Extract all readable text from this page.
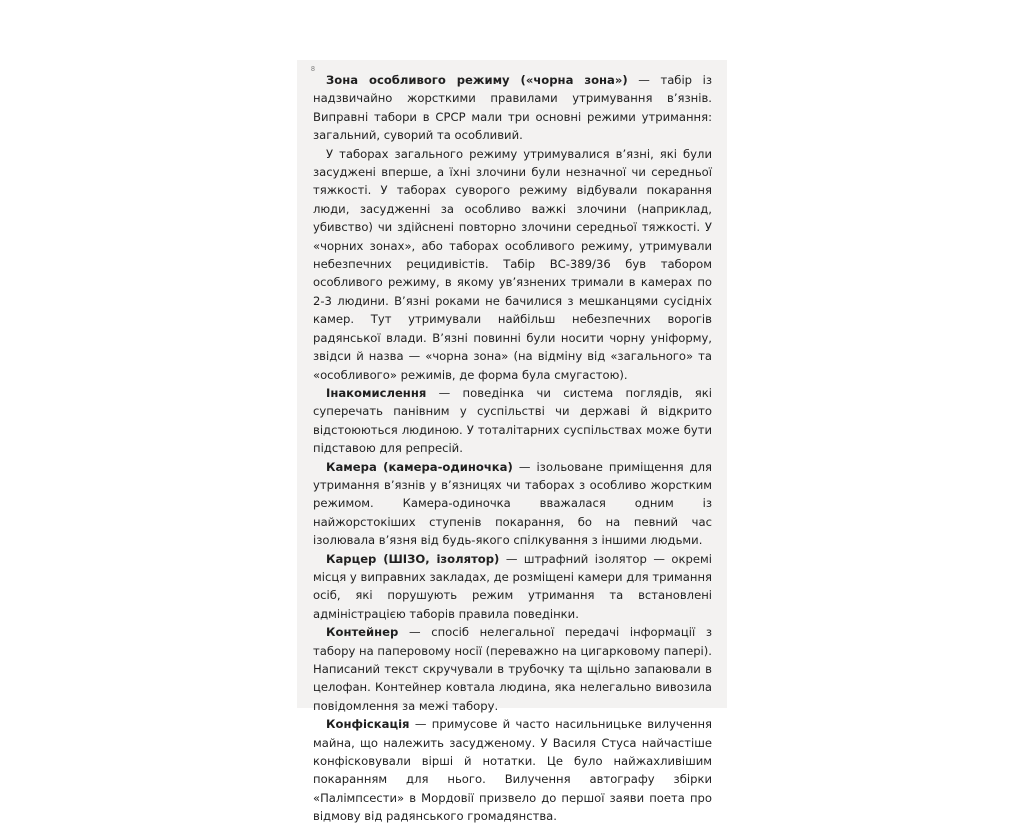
8

Зона особливого режиму («чорна зона») — табір із надзвичайно жорсткими правилами утримування в’язнів. Виправні табори в СРСР мали три основні режими утримання: загальний, суворий та особливий.

У таборах загального режиму утримувалися в’язні, які були засуджені вперше, а їхні злочини були незначної чи середньої тяжкості. У таборах суворого режиму відбували покарання люди, засудженні за особливо важкі злочини (наприклад, убивство) чи здійснені повторно злочини середньої тяжкості. У «чорних зонах», або таборах особливого режиму, утримували небезпечних рецидивістів. Табір ВС-389/36 був табором особливого режиму, в якому ув’язнених тримали в камерах по 2-3 людини. В’язні роками не бачилися з мешканцями сусідніх камер. Тут утримували найбільш небезпечних ворогів радянської влади. В’язні повинні були носити чорну уніформу, звідси й назва — «чорна зона» (на відміну від «загального» та «особливого» режимів, де форма була смугастою).

Інакомислення — поведінка чи система поглядів, які суперечать панівним у суспільстві чи державі й відкрито відстоюються людиною. У тоталітарних суспільствах може бути підставою для репресій.

Камера (камера-одиночка) — ізольоване приміщення для утримання в’язнів у в’язницях чи таборах з особливо жорстким режимом. Камера-одиночка вважалася одним із найжорстокіших ступенів покарання, бо на певний час ізолювала в’язня від будь-якого спілкування з іншими людьми.

Карцер (ШІЗО, ізолятор) — штрафний ізолятор — окремі місця у виправних закладах, де розміщені камери для тримання осіб, які порушують режим утримання та встановлені адміністрацією таборів правила поведінки.

Контейнер — спосіб нелегальної передачі інформації з табору на паперовому носії (переважно на цигарковому папері). Написаний текст скручували в трубочку та щільно запаювали в целофан. Контейнер ковтала людина, яка нелегально вивозила повідомлення за межі табору.

Конфіскація — примусове й часто насильницьке вилучення майна, що належить засудженому. У Василя Стуса найчастіше конфісковували вірші й нотатки. Це було найжахливішим покаранням для нього. Вилучення автографу збірки «Палімпсести» в Мордовії призвело до першої заяви поета про відмову від радянського громадянства.
